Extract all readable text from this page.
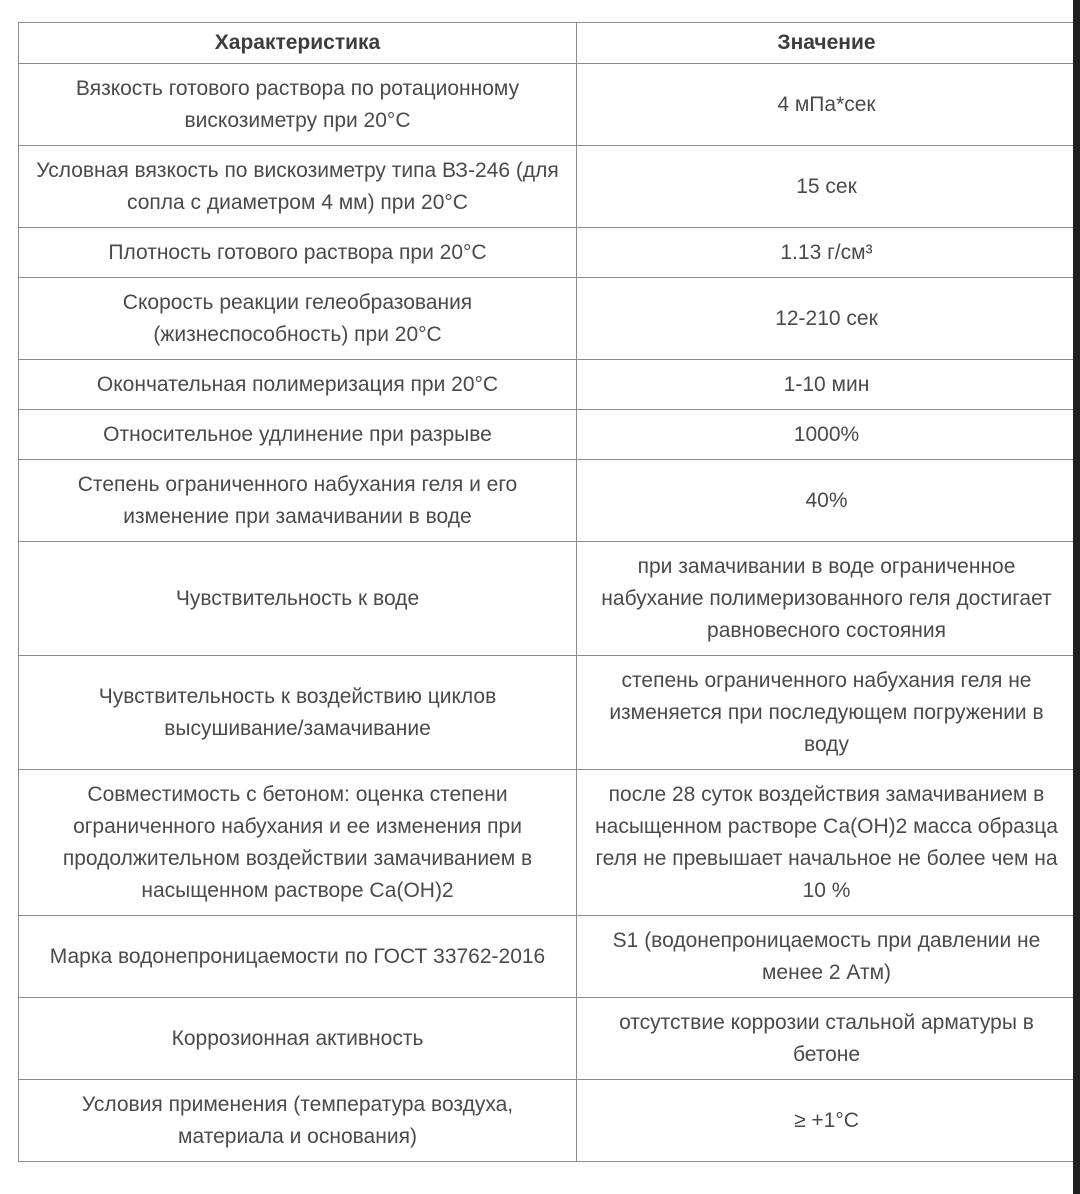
Характеристика	Значение
Вязкость готового раствора по ротационному вискозиметру при 20°С	4 мПа*сек
Условная вязкость по вискозиметру типа ВЗ-246 (для сопла с диаметром 4 мм) при 20°С	15 сек
Плотность готового раствора при 20°С	1.13 г/см³
Скорость реакции гелеобразования (жизнеспособность) при 20°С	12-210 сек
Окончательная полимеризация при 20°С	1-10 мин
Относительное удлинение при разрыве	1000%
Степень ограниченного набухания геля и его изменение при замачивании в воде	40%
Чувствительность к воде	при замачивании в воде ограниченное набухание полимеризованного геля достигает равновесного состояния
Чувствительность к воздействию циклов высушивание/замачивание	степень ограниченного набухания геля не изменяется при последующем погружении в воду
Совместимость с бетоном: оценка степени ограниченного набухания и ее изменения при продолжительном воздействии замачиванием в насыщенном растворе Са(ОН)2	после 28 суток воздействия замачиванием в насыщенном растворе Са(ОН)2 масса образца геля не превышает начальное не более чем на 10 %
Марка водонепроницаемости по ГОСТ 33762-2016	S1 (водонепроницаемость при давлении не менее 2 Атм)
Коррозионная активность	отсутствие коррозии стальной арматуры в бетоне
Условия применения (температура воздуха, материала и основания)	≥ +1°С
